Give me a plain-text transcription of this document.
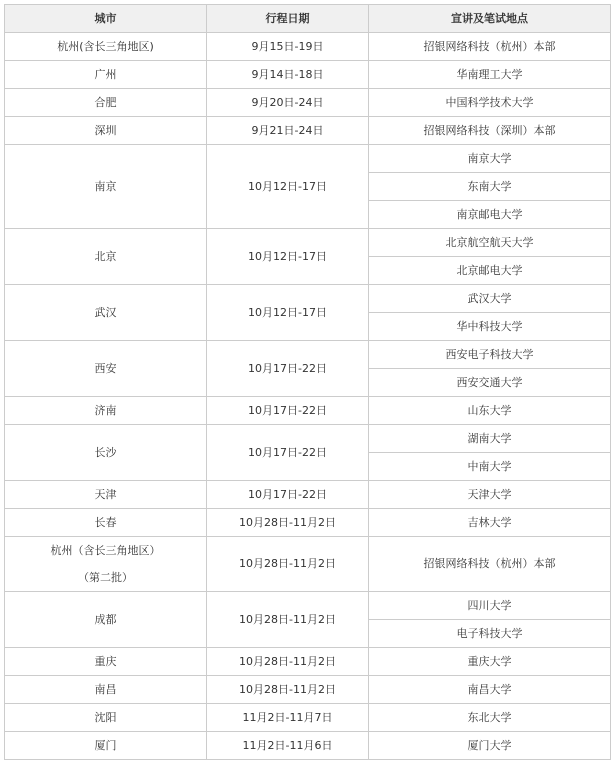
城市	行程日期	宣讲及笔试地点
杭州(含长三角地区)	9月15日-19日	招银网络科技（杭州）本部
广州	9月14日-18日	华南理工大学
合肥	9月20日-24日	中国科学技术大学
深圳	9月21日-24日	招银网络科技（深圳）本部
南京	10月12日-17日	南京大学
		东南大学
		南京邮电大学
北京	10月12日-17日	北京航空航天大学
		北京邮电大学
武汉	10月12日-17日	武汉大学
		华中科技大学
西安	10月17日-22日	西安电子科技大学
		西安交通大学
济南	10月17日-22日	山东大学
长沙	10月17日-22日	湖南大学
		中南大学
天津	10月17日-22日	天津大学
长春	10月28日-11月2日	吉林大学
杭州（含长三角地区）	10月28日-11月2日	招银网络科技（杭州）本部
（第二批）		
成都	10月28日-11月2日	四川大学
		电子科技大学
重庆	10月28日-11月2日	重庆大学
南昌	10月28日-11月2日	南昌大学
沈阳	11月2日-11月7日	东北大学
厦门	11月2日-11月6日	厦门大学
